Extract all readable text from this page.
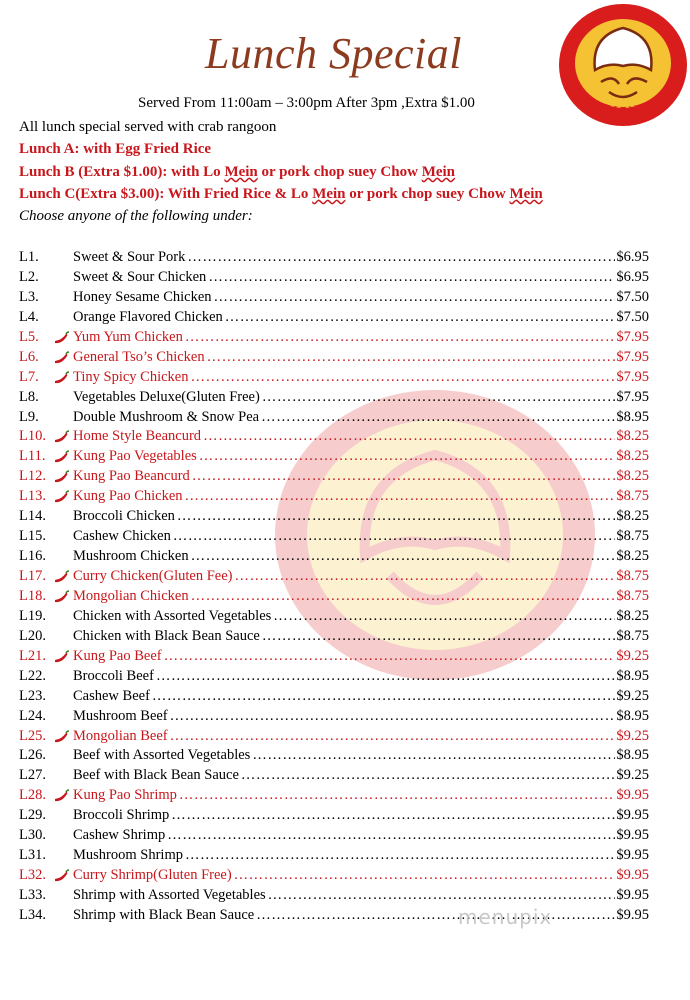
YUMMY HOUSE
Lunch Special
Served From 11:00am – 3:00pm After 3pm ,Extra $1.00
All lunch special served with crab rangoon
Lunch A: with Egg Fried Rice
Lunch B (Extra $1.00): with Lo Mein or pork chop suey Chow Mein
Lunch C(Extra $3.00): With Fried Rice & Lo Mein or pork chop suey Chow Mein
Choose anyone of the following under:
L1.	Sweet & Sour Pork …………………………………………………………………………………………………………………………………………………………	$6.95
L2.	Sweet & Sour Chicken …………………………………………………………………………………………………………………………………………………………	$6.95
L3.	Honey Sesame Chicken …………………………………………………………………………………………………………………………………………………………	$7.50
L4.	Orange Flavored Chicken …………………………………………………………………………………………………………………………………………………………	$7.50
L5.	Yum Yum Chicken …………………………………………………………………………………………………………………………………………………………	$7.95
L6.	General Tso’s Chicken …………………………………………………………………………………………………………………………………………………………	$7.95
L7.	Tiny Spicy Chicken …………………………………………………………………………………………………………………………………………………………	$7.95
L8.	Vegetables Deluxe(Gluten Free) …………………………………………………………………………………………………………………………………………………………	$7.95
L9.	Double Mushroom & Snow Pea …………………………………………………………………………………………………………………………………………………………	$8.95
L10.	Home Style Beancurd …………………………………………………………………………………………………………………………………………………………	$8.25
L11.	Kung Pao Vegetables …………………………………………………………………………………………………………………………………………………………	$8.25
L12.	Kung Pao Beancurd …………………………………………………………………………………………………………………………………………………………	$8.25
L13.	Kung Pao Chicken …………………………………………………………………………………………………………………………………………………………	$8.75
L14.	Broccoli Chicken …………………………………………………………………………………………………………………………………………………………	$8.25
L15.	Cashew Chicken …………………………………………………………………………………………………………………………………………………………	$8.75
L16.	Mushroom Chicken …………………………………………………………………………………………………………………………………………………………	$8.25
L17.	Curry Chicken(Gluten Fee) …………………………………………………………………………………………………………………………………………………………	$8.75
L18.	Mongolian Chicken …………………………………………………………………………………………………………………………………………………………	$8.75
L19.	Chicken with Assorted Vegetables …………………………………………………………………………………………………………………………………………………………	$8.25
L20.	Chicken with Black Bean Sauce …………………………………………………………………………………………………………………………………………………………	$8.75
L21.	Kung Pao Beef …………………………………………………………………………………………………………………………………………………………	$9.25
L22.	Broccoli Beef …………………………………………………………………………………………………………………………………………………………	$8.95
L23.	Cashew Beef …………………………………………………………………………………………………………………………………………………………	$9.25
L24.	Mushroom Beef …………………………………………………………………………………………………………………………………………………………	$8.95
L25.	Mongolian Beef …………………………………………………………………………………………………………………………………………………………	$9.25
L26.	Beef with Assorted Vegetables …………………………………………………………………………………………………………………………………………………………	$8.95
L27.	Beef with Black Bean Sauce …………………………………………………………………………………………………………………………………………………………	$9.25
L28.	Kung Pao Shrimp …………………………………………………………………………………………………………………………………………………………	$9.95
L29.	Broccoli Shrimp …………………………………………………………………………………………………………………………………………………………	$9.95
L30.	Cashew Shrimp …………………………………………………………………………………………………………………………………………………………	$9.95
L31.	Mushroom Shrimp …………………………………………………………………………………………………………………………………………………………	$9.95
L32.	Curry Shrimp(Gluten Free) …………………………………………………………………………………………………………………………………………………………	$9.95
L33.	Shrimp with Assorted Vegetables …………………………………………………………………………………………………………………………………………………………	$9.95
L34.	Shrimp with Black Bean Sauce …………………………………………………………………………………………………………………………………………………………	$9.95
menupix
